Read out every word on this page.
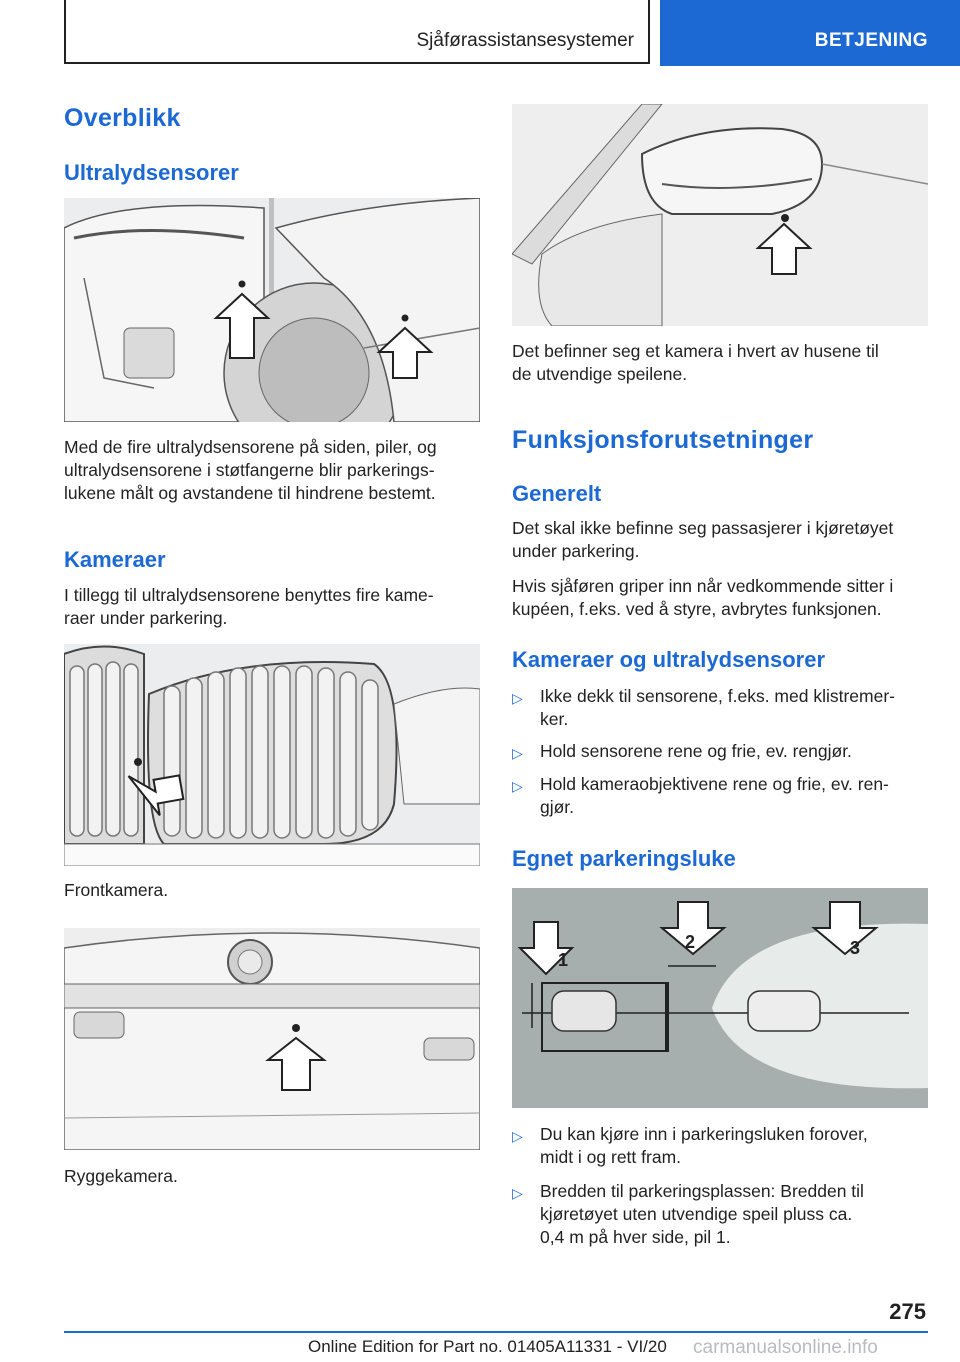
Sjåførassistansesystemer	BETJENING
Overblikk
Ultralydsensorer
Med de fire ultralydsensorene på siden, piler, og
ultralydsensorene i støtfangerne blir parkerings-
lukene målt og avstandene til hindrene bestemt.
Kameraer
I tillegg til ultralydsensorene benyttes fire kame-
raer under parkering.
Frontkamera.
Ryggekamera.
Det befinner seg et kamera i hvert av husene til
de utvendige speilene.
Funksjonsforutsetninger
Generelt
Det skal ikke befinne seg passasjerer i kjøretøyet
under parkering.
Hvis sjåføren griper inn når vedkommende sitter i
kupéen, f.eks. ved å styre, avbrytes funksjonen.
Kameraer og ultralydsensorer
▷ Ikke dekk til sensorene, f.eks. med klistremer-
ker.
▷ Hold sensorene rene og frie, ev. rengjør.
▷ Hold kameraobjektivene rene og frie, ev. ren-
gjør.
Egnet parkeringsluke
1
2	3
▷ Du kan kjøre inn i parkeringsluken forover,
midt i og rett fram.
▷ Bredden til parkeringsplassen: Bredden til
kjøretøyet uten utvendige speil pluss ca.
0,4 m på hver side, pil 1.
275
Online Edition for Part no. 01405A11331 - VI/20 carmanualsonline.info
